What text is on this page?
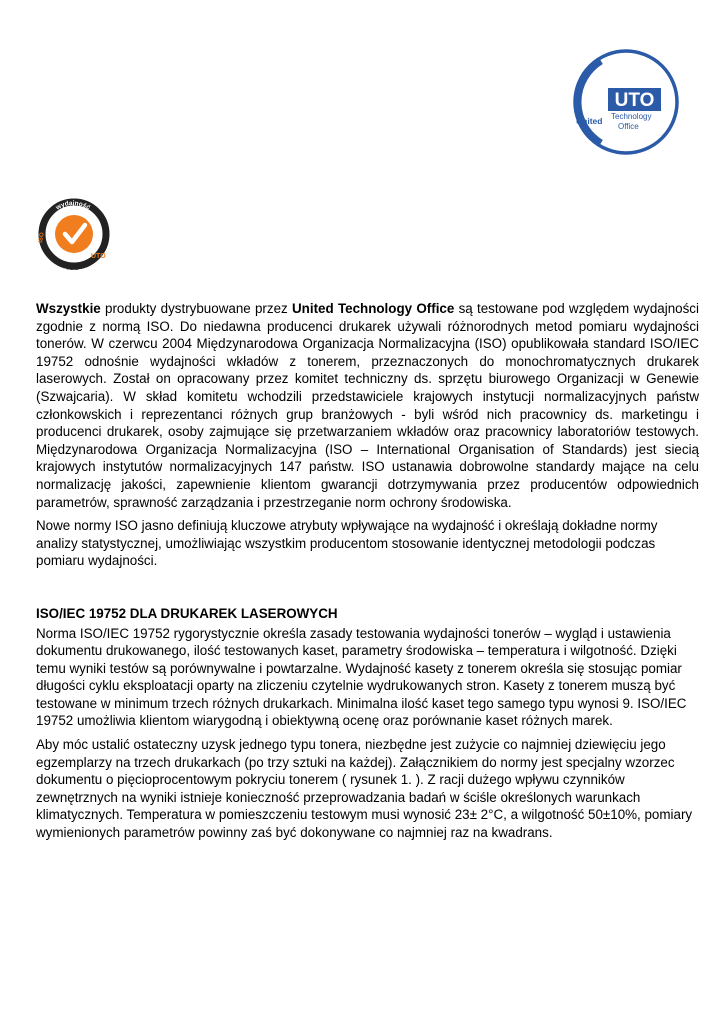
UTO
United Technology
Office
wydajność
ISO
UTO
19752:24711

Wszystkie produkty dystrybuowane przez United Technology Office są testowane pod względem wydajności zgodnie z normą ISO. Do niedawna producenci drukarek używali różnorodnych metod pomiaru wydajności tonerów. W czerwcu 2004 Międzynarodowa Organizacja Normalizacyjna (ISO) opublikowała standard ISO/IEC 19752 odnośnie wydajności wkładów z tonerem, przeznaczonych do monochromatycznych drukarek laserowych. Został on opracowany przez komitet techniczny ds. sprzętu biurowego Organizacji w Genewie (Szwajcaria). W skład komitetu wchodzili przedstawiciele krajowych instytucji normalizacyjnych państw członkowskich i reprezentanci różnych grup branżowych - byli wśród nich pracownicy ds. marketingu i producenci drukarek, osoby zajmujące się przetwarzaniem wkładów oraz pracownicy laboratoriów testowych. Międzynarodowa Organizacja Normalizacyjna (ISO – International Organisation of Standards) jest siecią krajowych instytutów normalizacyjnych 147 państw. ISO ustanawia dobrowolne standardy mające na celu normalizację jakości, zapewnienie klientom gwarancji dotrzymywania przez producentów odpowiednich parametrów, sprawność zarządzania i przestrzeganie norm ochrony środowiska.

Nowe normy ISO jasno definiują kluczowe atrybuty wpływające na wydajność i określają dokładne normy analizy statystycznej, umożliwiając wszystkim producentom stosowanie identycznej metodologii podczas pomiaru wydajności.

ISO/IEC 19752 DLA DRUKAREK LASEROWYCH

Norma ISO/IEC 19752 rygorystycznie określa zasady testowania wydajności tonerów – wygląd i ustawienia dokumentu drukowanego, ilość testowanych kaset, parametry środowiska – temperatura i wilgotność. Dzięki temu wyniki testów są porównywalne i powtarzalne. Wydajność kasety z tonerem określa się stosując pomiar długości cyklu eksploatacji oparty na zliczeniu czytelnie wydrukowanych stron. Kasety z tonerem muszą być testowane w minimum trzech różnych drukarkach. Minimalna ilość kaset tego samego typu wynosi 9. ISO/IEC 19752 umożliwia klientom wiarygodną i obiektywną ocenę oraz porównanie kaset różnych marek.

Aby móc ustalić ostateczny uzysk jednego typu tonera, niezbędne jest zużycie co najmniej dziewięciu jego egzemplarzy na trzech drukarkach (po trzy sztuki na każdej). Załącznikiem do normy jest specjalny wzorzec dokumentu o pięcioprocentowym pokryciu tonerem ( rysunek 1. ). Z racji dużego wpływu czynników zewnętrznych na wyniki istnieje konieczność przeprowadzania badań w ściśle określonych warunkach klimatycznych. Temperatura w pomieszczeniu testowym musi wynosić 23± 2°C, a wilgotność 50±10%, pomiary wymienionych parametrów powinny zaś być dokonywane co najmniej raz na kwadrans.
